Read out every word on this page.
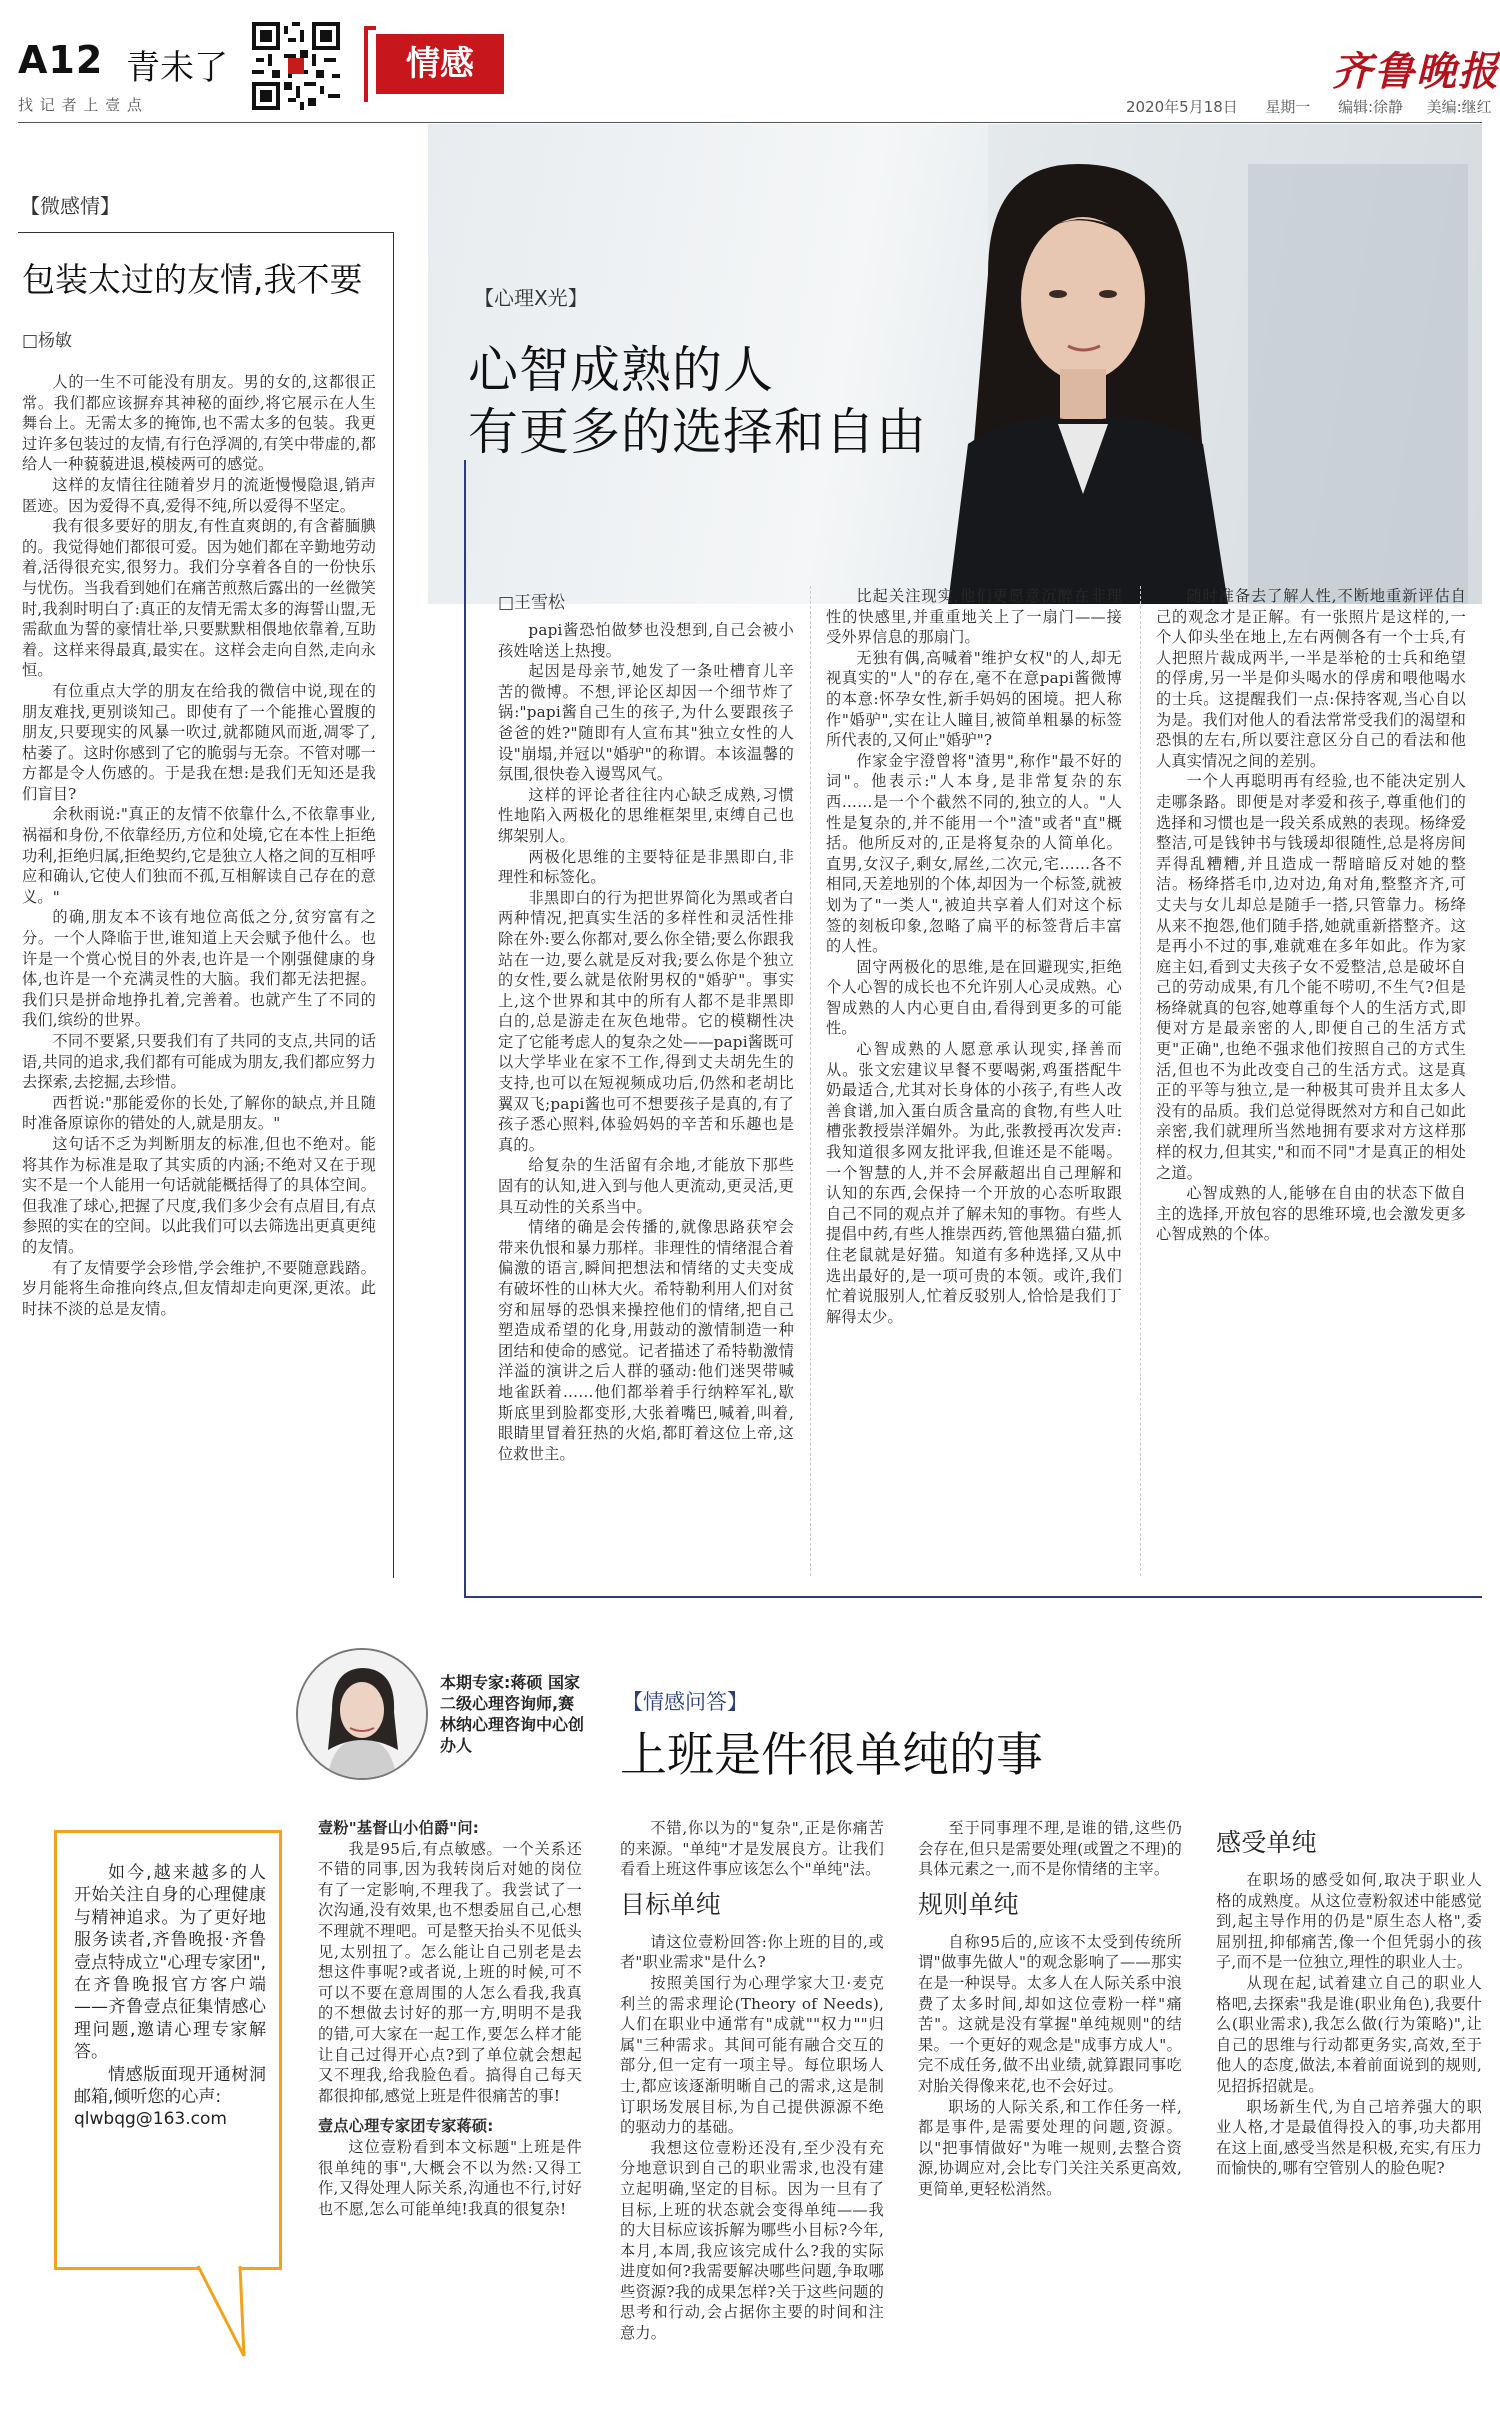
A12 青未了
找 记 者 上 壹 点
情感	齐鲁晚报
2020年5月18日 星期一 编辑:徐静 美编:继红
【微感情】
包装太过的友情,我不要
□杨敏

人的一生不可能没有朋友。男的女的,这都很正常。我们都应该摒弃其神秘的面纱,将它展示在人生舞台上。无需太多的掩饰,也不需太多的包装。我更过许多包装过的友情,有行色浮凋的,有笑中带虚的,都给人一种藐藐进退,模棱两可的感觉。

这样的友情往往随着岁月的流逝慢慢隐退,销声匿迹。因为爱得不真,爱得不纯,所以爱得不坚定。

我有很多要好的朋友,有性直爽朗的,有含蓄腼腆的。我觉得她们都很可爱。因为她们都在辛勤地劳动着,活得很充实,很努力。我们分享着各自的一份快乐与忧伤。当我看到她们在痛苦煎熬后露出的一丝微笑时,我刹时明白了:真正的友情无需太多的海誓山盟,无需歃血为誓的豪情壮举,只要默默相偎地依靠着,互助着。这样来得最真,最实在。这样会走向自然,走向永恒。

有位重点大学的朋友在给我的微信中说,现在的朋友难找,更别谈知己。即使有了一个能推心置腹的朋友,只要现实的风暴一吹过,就都随风而逝,凋零了,枯萎了。这时你感到了它的脆弱与无奈。不管对哪一方都是令人伤感的。于是我在想:是我们无知还是我们盲目?

余秋雨说:"真正的友情不依靠什么,不依靠事业,祸福和身份,不依靠经历,方位和处境,它在本性上拒绝功利,拒绝归属,拒绝契约,它是独立人格之间的互相呼应和确认,它使人们独而不孤,互相解读自己存在的意义。"

的确,朋友本不该有地位高低之分,贫穷富有之分。一个人降临于世,谁知道上天会赋予他什么。也许是一个赏心悦目的外表,也许是一个刚强健康的身体,也许是一个充满灵性的大脑。我们都无法把握。我们只是拼命地挣扎着,完善着。也就产生了不同的我们,缤纷的世界。

不同不要紧,只要我们有了共同的支点,共同的话语,共同的追求,我们都有可能成为朋友,我们都应努力去探索,去挖掘,去珍惜。

西哲说:"那能爱你的长处,了解你的缺点,并且随时准备原谅你的错处的人,就是朋友。"

这句话不乏为判断朋友的标准,但也不绝对。能将其作为标准是取了其实质的内涵;不绝对又在于现实不是一个人能用一句话就能概括得了的具体空间。但我准了球心,把握了尺度,我们多少会有点眉目,有点参照的实在的空间。以此我们可以去筛选出更真更纯的友情。

有了友情要学会珍惜,学会维护,不要随意践踏。岁月能将生命推向终点,但友情却走向更深,更浓。此时抹不淡的总是友情。

【心理X光】
心智成熟的人
有更多的选择和自由
□王雪松

papi酱恐怕做梦也没想到,自己会被小孩姓啥送上热搜。

起因是母亲节,她发了一条吐槽育儿辛苦的微博。不想,评论区却因一个细节炸了锅:"papi酱自己生的孩子,为什么要跟孩子爸爸的姓?"随即有人宣布其"独立女性的人设"崩塌,并冠以"婚驴"的称谓。本该温馨的氛围,很快卷入谩骂风气。

这样的评论者往往内心缺乏成熟,习惯性地陷入两极化的思维框架里,束缚自己也绑架别人。

两极化思维的主要特征是非黑即白,非理性和标签化。

非黑即白的行为把世界简化为黑或者白两种情况,把真实生活的多样性和灵活性排除在外:要么你都对,要么你全错;要么你跟我站在一边,要么就是反对我;要么你是个独立的女性,要么就是依附男权的"婚驴"。事实上,这个世界和其中的所有人都不是非黑即白的,总是游走在灰色地带。它的模糊性决定了它能考虑人的复杂之处——papi酱既可以大学毕业在家不工作,得到丈夫胡先生的支持,也可以在短视频成功后,仍然和老胡比翼双飞;papi酱也可不想要孩子是真的,有了孩子悉心照料,体验妈妈的辛苦和乐趣也是真的。

给复杂的生活留有余地,才能放下那些固有的认知,进入到与他人更流动,更灵活,更具互动性的关系当中。

情绪的确是会传播的,就像思路获窄会带来仇恨和暴力那样。非理性的情绪混合着偏激的语言,瞬间把想法和情绪的丈夫变成有破坏性的山林大火。希特勒利用人们对贫穷和屈辱的恐惧来操控他们的情绪,把自己塑造成希望的化身,用鼓动的激情制造一种团结和使命的感觉。记者描述了希特勒激情洋溢的演讲之后人群的骚动:他们迷哭带喊地雀跃着……他们都举着手行纳粹军礼,歇斯底里到脸都变形,大张着嘴巴,喊着,叫着,眼睛里冒着狂热的火焰,都盯着这位上帝,这位救世主。

比起关注现实,他们更愿意沉醉在非理性的快感里,并重重地关上了一扇门——接受外界信息的那扇门。

无独有偶,高喊着"维护女权"的人,却无视真实的"人"的存在,毫不在意papi酱微博的本意:怀孕女性,新手妈妈的困境。把人称作"婚驴",实在让人瞳目,被简单粗暴的标签所代表的,又何止"婚驴"?

作家金宇澄曾将"渣男",称作"最不好的词"。他表示:"人本身,是非常复杂的东西……是一个个截然不同的,独立的人。"人性是复杂的,并不能用一个"渣"或者"直"概括。他所反对的,正是将复杂的人简单化。直男,女汉子,剩女,屌丝,二次元,宅……各不相同,天差地别的个体,却因为一个标签,就被划为了"一类人",被迫共享着人们对这个标签的刻板印象,忽略了扁平的标签背后丰富的人性。

固守两极化的思维,是在回避现实,拒绝个人心智的成长也不允许别人心灵成熟。心智成熟的人内心更自由,看得到更多的可能性。

心智成熟的人愿意承认现实,择善而从。张文宏建议早餐不要喝粥,鸡蛋搭配牛奶最适合,尤其对长身体的小孩子,有些人改善食谱,加入蛋白质含量高的食物,有些人吐槽张教授崇洋媚外。为此,张教授再次发声:我知道很多网友批评我,但谁还是不能喝。一个智慧的人,并不会屏蔽超出自己理解和认知的东西,会保持一个开放的心态听取跟自己不同的观点并了解未知的事物。有些人提倡中药,有些人推崇西药,管他黑猫白猫,抓住老鼠就是好猫。知道有多种选择,又从中选出最好的,是一项可贵的本领。或许,我们忙着说服别人,忙着反驳别人,恰恰是我们丁解得太少。

随时准备去了解人性,不断地重新评估自己的观念才是正解。有一张照片是这样的,一个人仰头坐在地上,左右两侧各有一个士兵,有人把照片裁成两半,一半是举枪的士兵和绝望的俘虏,另一半是仰头喝水的俘虏和喂他喝水的士兵。这提醒我们一点:保持客观,当心自以为是。我们对他人的看法常常受我们的渴望和恐惧的左右,所以要注意区分自己的看法和他人真实情况之间的差别。

一个人再聪明再有经验,也不能决定别人走哪条路。即便是对孝爱和孩子,尊重他们的选择和习惯也是一段关系成熟的表现。杨绛爱整洁,可是钱钟书与钱瑗却很随性,总是将房间弄得乱糟糟,并且造成一帮暗暗反对她的整洁。杨绛搭毛巾,边对边,角对角,整整齐齐,可丈夫与女儿却总是随手一搭,只管靠力。杨绛从来不抱怨,他们随手搭,她就重新搭整齐。这是再小不过的事,难就难在多年如此。作为家庭主妇,看到丈夫孩子女不爱整洁,总是破坏自己的劳动成果,有几个能不唠叨,不生气?但是杨绛就真的包容,她尊重每个人的生活方式,即便对方是最亲密的人,即便自己的生活方式更"正确",也绝不强求他们按照自己的方式生活,但也不为此改变自己的生活方式。这是真正的平等与独立,是一种极其可贵并且太多人没有的品质。我们总觉得既然对方和自己如此亲密,我们就理所当然地拥有要求对方这样那样的权力,但其实,"和而不同"才是真正的相处之道。

心智成熟的人,能够在自由的状态下做自主的选择,开放包容的思维环境,也会激发更多心智成熟的个体。

本期专家:蒋硕 国家二级心理咨询师,赛林纳心理咨询中心创办人
【情感问答】
上班是件很单纯的事

如今,越来越多的人开始关注自身的心理健康与精神追求。为了更好地服务读者,齐鲁晚报·齐鲁壹点特成立"心理专家团",在齐鲁晚报官方客户端——齐鲁壹点征集情感心理问题,邀请心理专家解答。

情感版面现开通树洞邮箱,倾听您的心声:

qlwbqg@163.com

壹粉"基督山小伯爵"问:

我是95后,有点敏感。一个关系还不错的同事,因为我转岗后对她的岗位有了一定影响,不理我了。我尝试了一次沟通,没有效果,也不想委屈自己,心想不理就不理吧。可是整天抬头不见低头见,太别扭了。怎么能让自己别老是去想这件事呢?或者说,上班的时候,可不可以不要在意周围的人怎么看我,我真的不想做去讨好的那一方,明明不是我的错,可大家在一起工作,要怎么样才能让自己过得开心点?到了单位就会想起又不理我,给我脸色看。搞得自己每天都很抑郁,感觉上班是件很痛苦的事!

壹点心理专家团专家蒋硕:

这位壹粉看到本文标题"上班是件很单纯的事",大概会不以为然:又得工作,又得处理人际关系,沟通也不行,讨好也不愿,怎么可能单纯!我真的很复杂!

不错,你以为的"复杂",正是你痛苦的来源。"单纯"才是发展良方。让我们看看上班这件事应该怎么个"单纯"法。

目标单纯

请这位壹粉回答:你上班的目的,或者"职业需求"是什么?

按照美国行为心理学家大卫·麦克利兰的需求理论(Theory of Needs),人们在职业中通常有"成就""权力""归属"三种需求。其间可能有融合交互的部分,但一定有一项主导。每位职场人士,都应该逐渐明晰自己的需求,这是制订职场发展目标,为自己提供源源不绝的驱动力的基础。

我想这位壹粉还没有,至少没有充分地意识到自己的职业需求,也没有建立起明确,坚定的目标。因为一旦有了目标,上班的状态就会变得单纯——我的大目标应该拆解为哪些小目标?今年,本月,本周,我应该完成什么?我的实际进度如何?我需要解决哪些问题,争取哪些资源?我的成果怎样?关于这些问题的思考和行动,会占据你主要的时间和注意力。

至于同事理不理,是谁的错,这些仍会存在,但只是需要处理(或置之不理)的具体元素之一,而不是你情绪的主宰。

规则单纯

自称95后的,应该不太受到传统所谓"做事先做人"的观念影响了——那实在是一种误导。太多人在人际关系中浪费了太多时间,却如这位壹粉一样"痛苦"。这就是没有掌握"单纯规则"的结果。一个更好的观念是"成事方成人"。完不成任务,做不出业绩,就算跟同事吃对胎关得像来花,也不会好过。

职场的人际关系,和工作任务一样,都是事件,是需要处理的问题,资源。以"把事情做好"为唯一规则,去整合资源,协调应对,会比专门关注关系更高效,更简单,更轻松消然。

感受单纯

在职场的感受如何,取决于职业人格的成熟度。从这位壹粉叙述中能感觉到,起主导作用的仍是"原生态人格",委屈别扭,抑郁痛苦,像一个但凭弱小的孩子,而不是一位独立,理性的职业人士。

从现在起,试着建立自己的职业人格吧,去探索"我是谁(职业角色),我要什么(职业需求),我怎么做(行为策略)",让自己的思维与行动都更务实,高效,至于他人的态度,做法,本着前面说到的规则,见招拆招就是。

职场新生代,为自己培养强大的职业人格,才是最值得投入的事,功夫都用在这上面,感受当然是积极,充实,有压力而愉快的,哪有空管别人的脸色呢?
